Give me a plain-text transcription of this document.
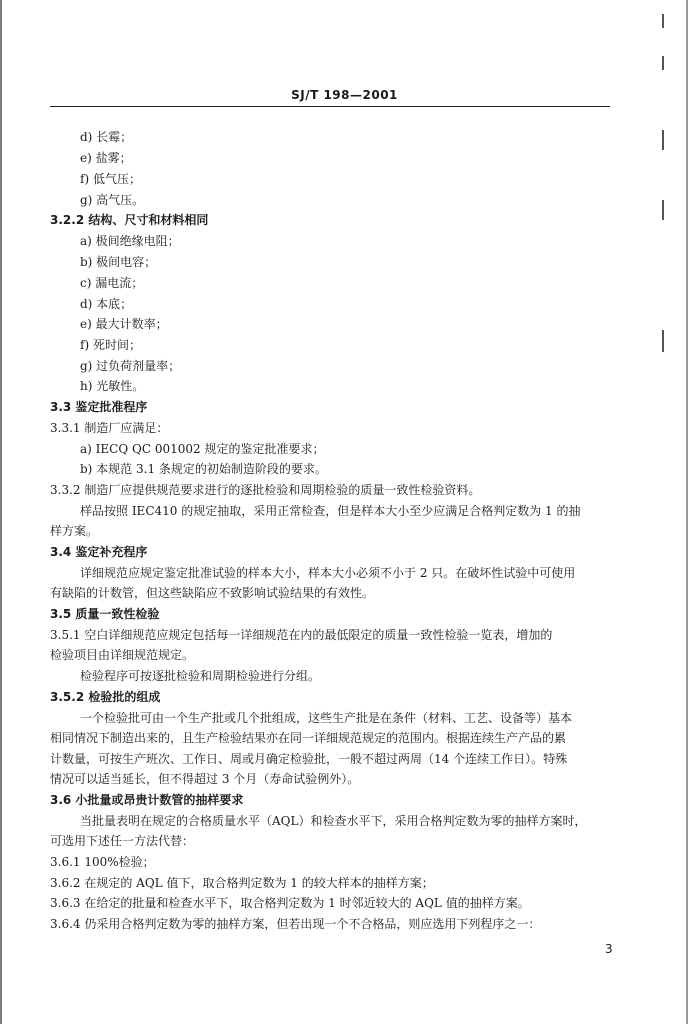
SJ/T 198—2001
d) 长霉；
e) 盐雾；
f) 低气压；
g) 高气压。
3.2.2 结构、尺寸和材料相同
a) 极间绝缘电阻；
b) 极间电容；
c) 漏电流；
d) 本底；
e) 最大计数率；
f) 死时间；
g) 过负荷剂量率；
h) 光敏性。
3.3 鉴定批准程序
3.3.1 制造厂应满足：
a) IECQ QC 001002 规定的鉴定批准要求；
b) 本规范 3.1 条规定的初始制造阶段的要求。
3.3.2 制造厂应提供规范要求进行的逐批检验和周期检验的质量一致性检验资料。
样品按照 IEC410 的规定抽取，采用正常检查，但是样本大小至少应满足合格判定数为 1 的抽
样方案。
3.4 鉴定补充程序
详细规范应规定鉴定批准试验的样本大小，样本大小必须不小于 2 只。在破坏性试验中可使用
有缺陷的计数管，但这些缺陷应不致影响试验结果的有效性。
3.5 质量一致性检验
3.5.1 空白详细规范应规定包括每一详细规范在内的最低限定的质量一致性检验一览表，增加的
检验项目由详细规范规定。
检验程序可按逐批检验和周期检验进行分组。
3.5.2 检验批的组成
一个检验批可由一个生产批或几个批组成，这些生产批是在条件（材料、工艺、设备等）基本
相同情况下制造出来的，且生产检验结果亦在同一详细规范规定的范围内。根据连续生产产品的累
计数量，可按生产班次、工作日、周或月确定检验批，一般不超过两周（14 个连续工作日）。特殊
情况可以适当延长，但不得超过 3 个月（寿命试验例外）。
3.6 小批量或昂贵计数管的抽样要求
当批量表明在规定的合格质量水平（AQL）和检查水平下，采用合格判定数为零的抽样方案时，
可选用下述任一方法代替：
3.6.1 100%检验；
3.6.2 在规定的 AQL 值下，取合格判定数为 1 的较大样本的抽样方案；
3.6.3 在给定的批量和检查水平下，取合格判定数为 1 时邻近较大的 AQL 值的抽样方案。
3.6.4 仍采用合格判定数为零的抽样方案，但若出现一个不合格品，则应选用下列程序之一：
3
